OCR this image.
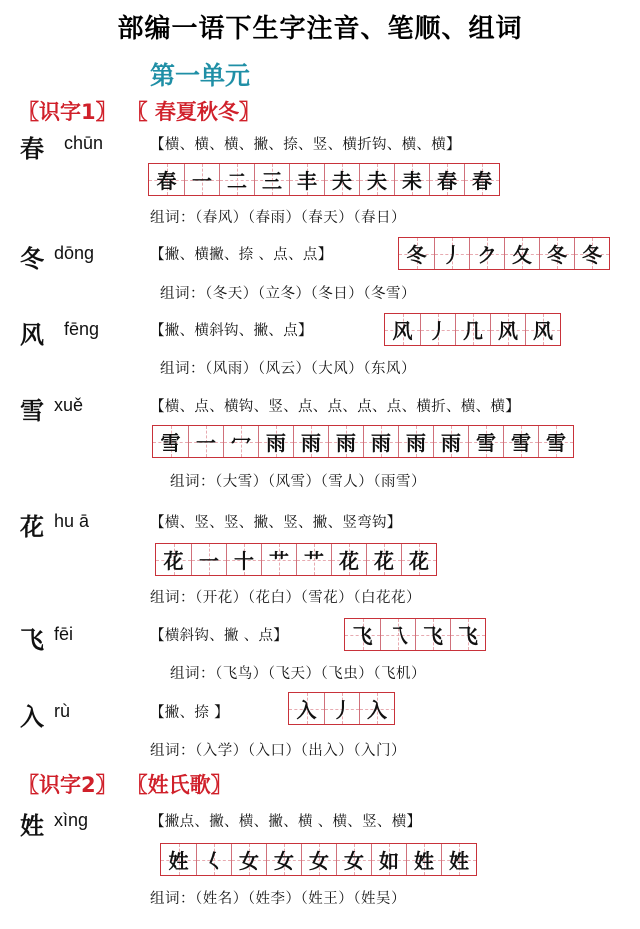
部编一语下生字注音、笔顺、组词
第一单元
〖识字1〗 〖 春夏秋冬〗
春 chūn	【横、横、横、撇、捺、竖、横折钩、横、横】
春 一 二 三 丰 夫 夫 耒 春 春
组词：（春风）（春雨）（春天）（春日）
冬 dōng	【撇、横撇、捺 、点、点】	冬 丿 ク 夂 冬 冬
组词：（冬天）（立冬）（冬日）（冬雪）
风 fēng	【撇、横斜钩、撇、点】	风 丿 几 风 风
组词：（风雨）（风云）（大风）（东风）
雪 xuě	【横、点、横钩、竖、点、点、点、点、横折、横、横】
雪 一 冖 雨 雨 雨 雨 雨 雨 雪 雪 雪
组词：（大雪）（风雪）（雪人）（雨雪）
花 hu ā	【横、竖、竖、撇、竖、撇、竖弯钩】
花 一 十 艹 艹 花 花 花
组词：（开花）（花白）（雪花）（白花花）
飞 fēi	【横斜钩、撇 、点】	飞 乁 飞 飞
组词：（飞鸟）（飞天）（飞虫）（飞机）
入 rù	【撇、捺 】	入 丿 入
组词：（入学）（入口）（出入）（入门）
〖识字2〗 〖姓氏歌〗
姓 xìng	【撇点、撇、横、撇、横 、横、竖、横】
姓 𡿨 女 女 女 女 如 姓 姓
组词：（姓名）（姓李）（姓王）（姓吴）
